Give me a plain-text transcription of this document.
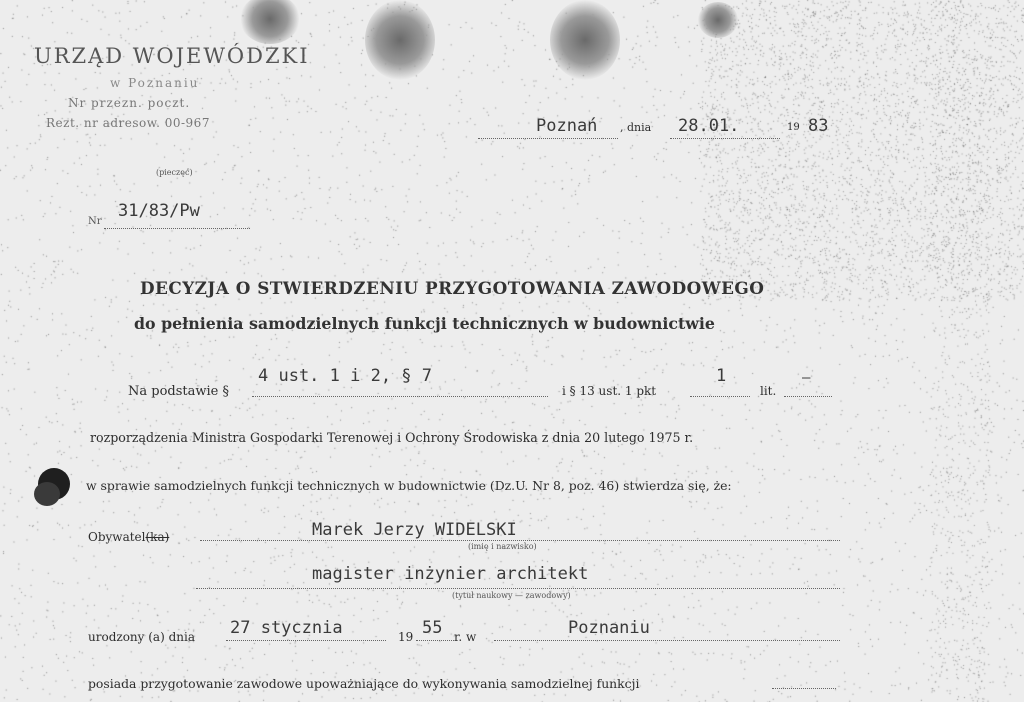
URZĄD WOJEWÓDZKI
w Poznaniu
Nr przezn. poczt.
Rezt. nr adresow. 00-967
(pieczęć)
Poznań , dnia 28.01.	19 83
Nr
31/83/Pw
DECYZJA O STWIERDZENIU PRZYGOTOWANIA ZAWODOWEGO
do pełnienia samodzielnych funkcji technicznych w budownictwie
Na podstawie §
4 ust. 1 i 2, § 7
i § 13 ust. 1 pkt
1
lit.
—
rozporządzenia Ministra Gospodarki Terenowej i Ochrony Środowiska z dnia 20 lutego 1975 r.
w sprawie samodzielnych funkcji technicznych w budownictwie (Dz.U. Nr 8, poz. 46) stwierdza się, że:
Obywatel(ka)	Marek Jerzy WIDELSKI
(imię i nazwisko)
magister inżynier architekt
(tytuł naukowy — zawodowy)
urodzony (a) dnia 27 stycznia	19 55 r. w	Poznaniu
posiada przygotowanie zawodowe upoważniające do wykonywania samodzielnej funkcji
